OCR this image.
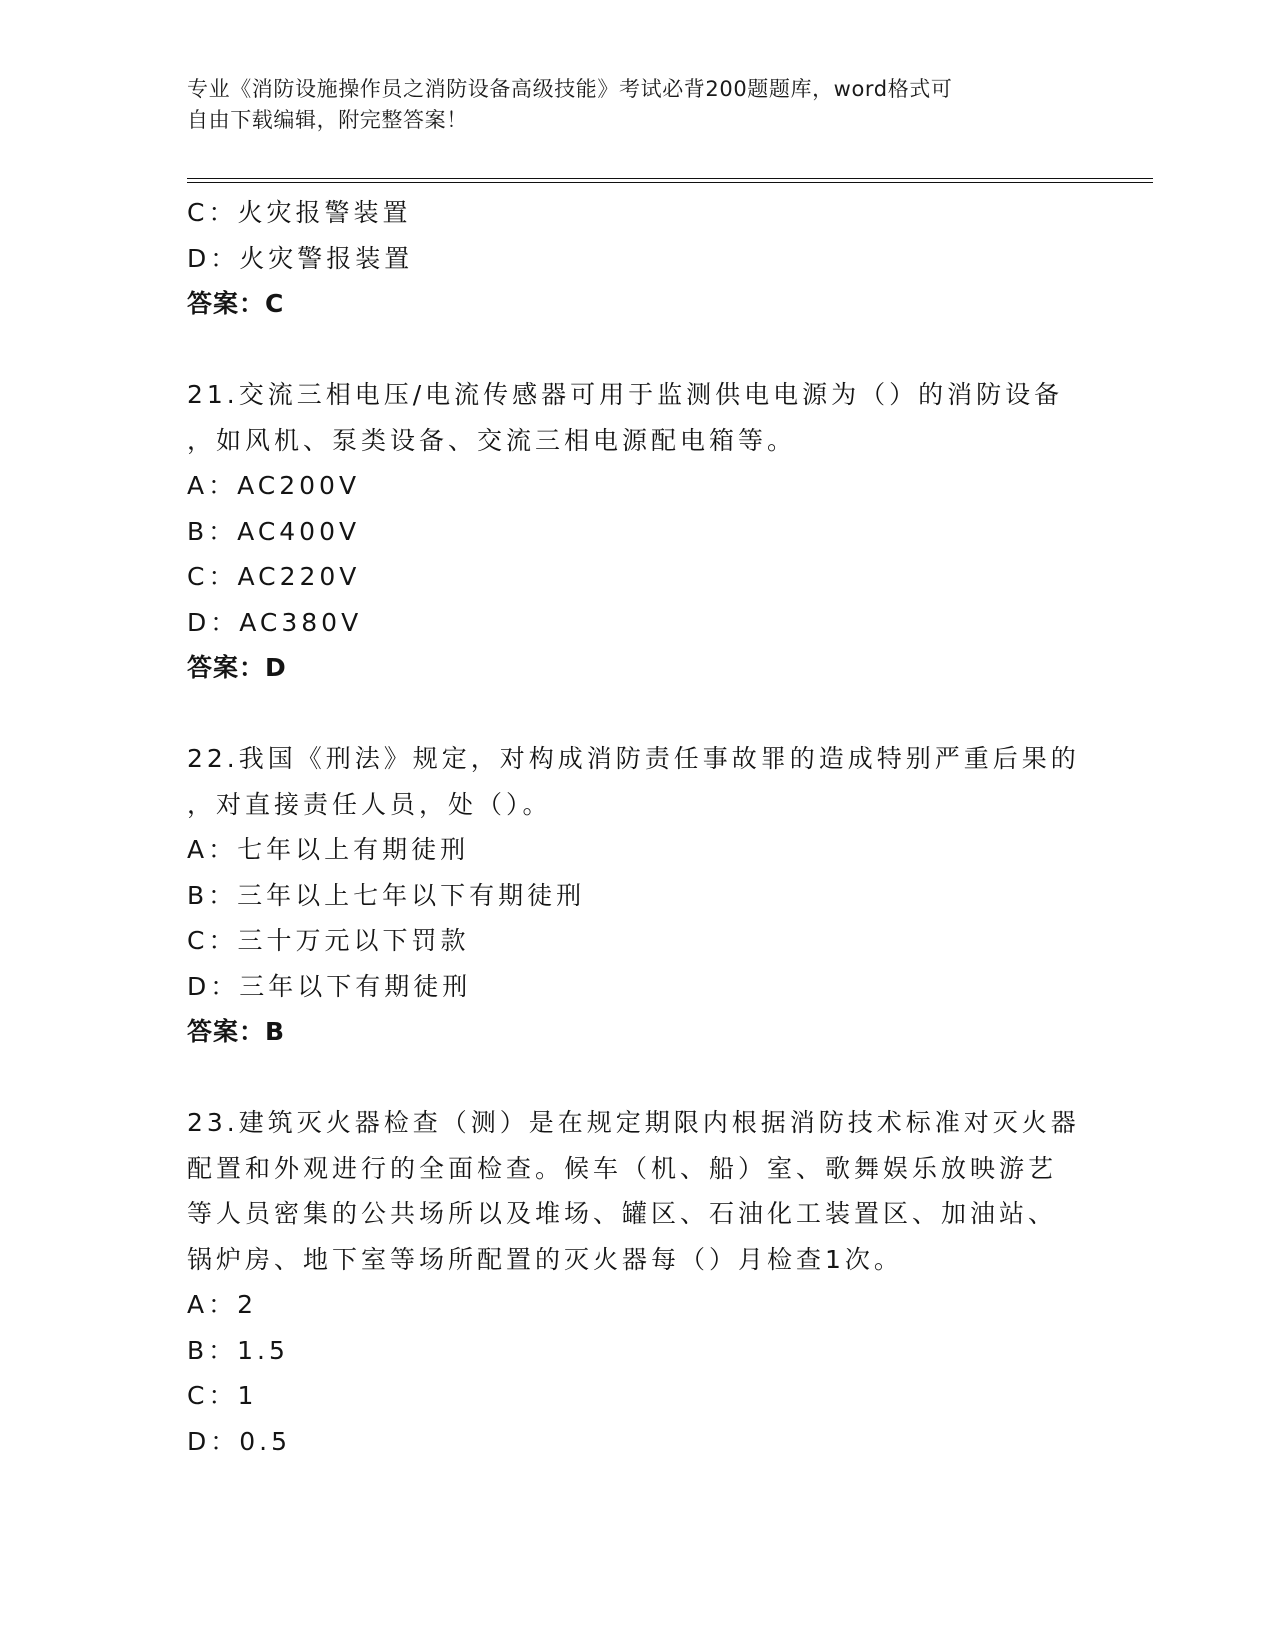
专业《消防设施操作员之消防设备高级技能》考试必背200题题库，word格式可
自由下载编辑，附完整答案！
C：火灾报警装置
D：火灾警报装置
答案：C
21.交流三相电压/电流传感器可用于监测供电电源为（）的消防设备
，如风机、泵类设备、交流三相电源配电箱等。
A：AC200V
B：AC400V
C：AC220V
D：AC380V
答案：D
22.我国《刑法》规定，对构成消防责任事故罪的造成特别严重后果的
，对直接责任人员，处（）。
A：七年以上有期徒刑
B：三年以上七年以下有期徒刑
C：三十万元以下罚款
D：三年以下有期徒刑
答案：B
23.建筑灭火器检查（测）是在规定期限内根据消防技术标准对灭火器
配置和外观进行的全面检查。候车（机、船）室、歌舞娱乐放映游艺
等人员密集的公共场所以及堆场、罐区、石油化工装置区、加油站、
锅炉房、地下室等场所配置的灭火器每（）月检查1次。
A：2
B：1.5
C：1
D：0.5
